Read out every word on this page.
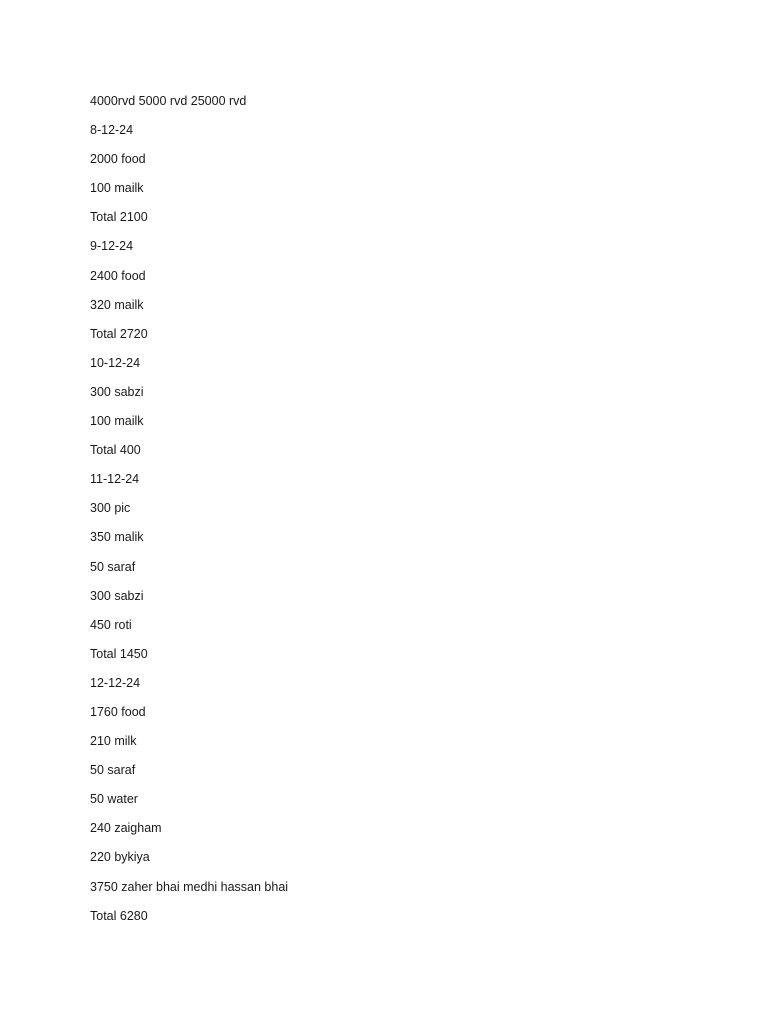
4000rvd 5000 rvd 25000 rvd

8-12-24

2000 food

100 mailk

Total 2100

9-12-24

2400 food

320 mailk

Total 2720

10-12-24

300 sabzi

100 mailk

Total 400

11-12-24

300 pic

350 malik

50 saraf

300 sabzi

450 roti

Total 1450

12-12-24

1760 food

210 milk

50 saraf

50 water

240 zaigham

220 bykiya

3750 zaher bhai medhi hassan bhai

Total 6280
